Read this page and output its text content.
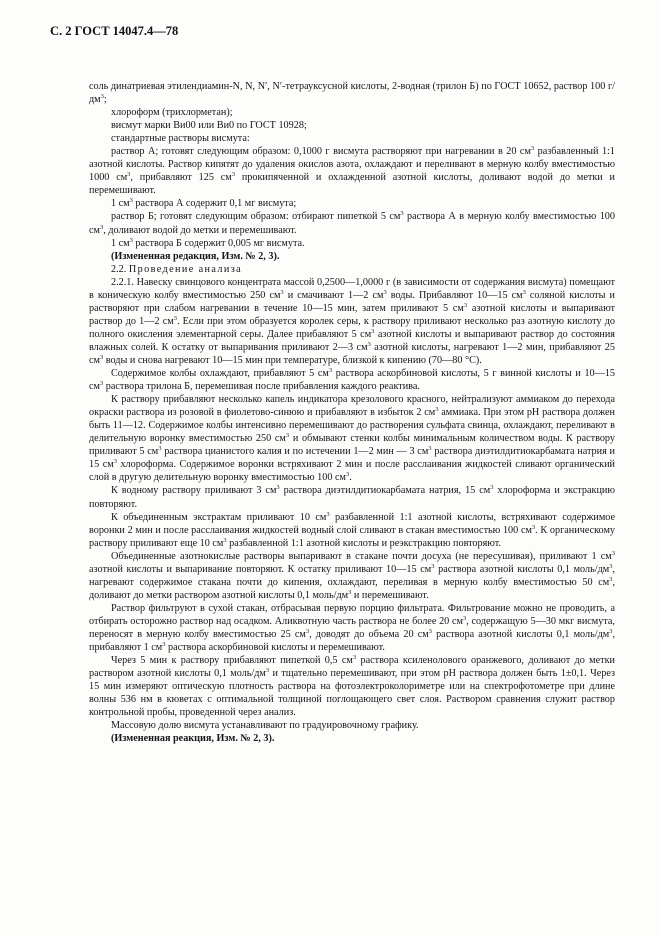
С. 2 ГОСТ 14047.4—78

соль динатриевая этилендиамин-N, N, N′, N′-тетрауксусной кислоты, 2-водная (трилон Б) по ГОСТ 10652, раствор 100 $г/дм^3$;

хлороформ (трихлорметан);

висмут марки Ви00 или Ви0 по ГОСТ 10928;

стандартные растворы висмута:

раствор А; готовят следующим образом: 0,1000 г висмута растворяют при нагревании в 20 $см^3$ разбавленный 1:1 азотной кислоты. Раствор кипятят до удаления окислов азота, охлаждают и переливают в мерную колбу вместимостью 1000 $см^3$, прибавляют 125 $см^3$ прокипяченной и охлажденной азотной кислоты, доливают водой до метки и перемешивают.

1 $см^3$ раствора А содержит 0,1 мг висмута;

раствор Б; готовят следующим образом: отбирают пипеткой 5 $см^3$ раствора А в мерную колбу вместимостью 100 $см^3$, доливают водой до метки и перемешивают.

1 $см^3$ раствора Б содержит 0,005 мг висмута.

(Измененная редакция, Изм. № 2, 3).

2.2. Проведение анализа

2.2.1. Навеску свинцового концентрата массой 0,2500—1,0000 г (в зависимости от содержания висмута) помещают в коническую колбу вместимостью 250 $см^3$ и смачивают 1—2 $см^3$ воды. Прибавляют 10—15 $см^3$ соляной кислоты и растворяют при слабом нагревании в течение 10—15 мин, затем приливают 5 $см^3$ азотной кислоты и выпаривают раствор до 1—2 $см^3$. Если при этом образуется королек серы, к раствору приливают несколько раз азотную кислоту до полного окисления элементарной серы. Далее прибавляют 5 $см^3$ азотной кислоты и выпаривают раствор до состояния влажных солей. К остатку от выпаривания приливают 2—3 $см^3$ азотной кислоты, нагревают 1—2 мин, прибавляют 25 $см^3$ воды и снова нагревают 10—15 мин при температуре, близкой к кипению (70—80 °С).

Содержимое колбы охлаждают, прибавляют 5 $см^3$ раствора аскорбиновой кислоты, 5 г винной кислоты и 10—15 $см^3$ раствора трилона Б, перемешивая после прибавления каждого реактива.

К раствору прибавляют несколько капель индикатора крезолового красного, нейтрализуют аммиаком до перехода окраски раствора из розовой в фиолетово-синюю и прибавляют в избыток 2 $см^3$ аммиака. При этом рН раствора должен быть 11—12. Содержимое колбы интенсивно перемешивают до растворения сульфата свинца, охлаждают, переливают в делительную воронку вместимостью 250 $см^3$ и обмывают стенки колбы минимальным количеством воды. К раствору приливают 5 $см^3$ раствора цианистого калия и по истечении 1—2 мин — 3 $см^3$ раствора диэтилдитиокарбамата натрия и 15 $см^3$ хлороформа. Содержимое воронки встряхивают 2 мин и после расслаивания жидкостей сливают органический слой в другую делительную воронку вместимостью 100 $см^3$.

К водному раствору приливают 3 $см^3$ раствора диэтилдитиокарбамата натрия, 15 $см^3$ хлороформа и экстракцию повторяют.

К объединенным экстрактам приливают 10 $см^3$ разбавленной 1:1 азотной кислоты, встряхивают содержимое воронки 2 мин и после расслаивания жидкостей водный слой сливают в стакан вместимостью 100 $см^3$. К органическому раствору приливают еще 10 $см^3$ разбавленной 1:1 азотной кислоты и реэкстракцию повторяют.

Объединенные азотнокислые растворы выпаривают в стакане почти досуха (не пересушивая), приливают 1 $см^3$ азотной кислоты и выпаривание повторяют. К остатку приливают 10—15 $см^3$ раствора азотной кислоты 0,1 моль/$дм^3$, нагревают содержимое стакана почти до кипения, охлаждают, переливая в мерную колбу вместимостью 50 $см^3$, доливают до метки раствором азотной кислоты 0,1 моль/$дм^3$ и перемешивают.

Раствор фильтруют в сухой стакан, отбрасывая первую порцию фильтрата. Фильтрование можно не проводить, а отбирать осторожно раствор над осадком. Аликвотную часть раствора не более 20 $см^3$, содержащую 5—30 мкг висмута, переносят в мерную колбу вместимостью 25 $см^3$, доводят до объема 20 $см^3$ раствора азотной кислоты 0,1 моль/$дм^3$, прибавляют 1 $см^3$ раствора аскорбиновой кислоты и перемешивают.

Через 5 мин к раствору прибавляют пипеткой 0,5 $см^3$ раствора ксиленолового оранжевого, доливают до метки раствором азотной кислоты 0,1 моль/$дм^3$ и тщательно перемешивают, при этом рН раствора должен быть 1±0,1. Через 15 мин измеряют оптическую плотность раствора на фотоэлектроколориметре или на спектрофотометре при длине волны 536 нм в кюветах с оптимальной толщиной поглощающего свет слоя. Раствором сравнения служит раствор контрольной пробы, проведенной через анализ.

Массовую долю висмута устанавливают по градуировочному графику.

(Измененная реакция, Изм. № 2, 3).
